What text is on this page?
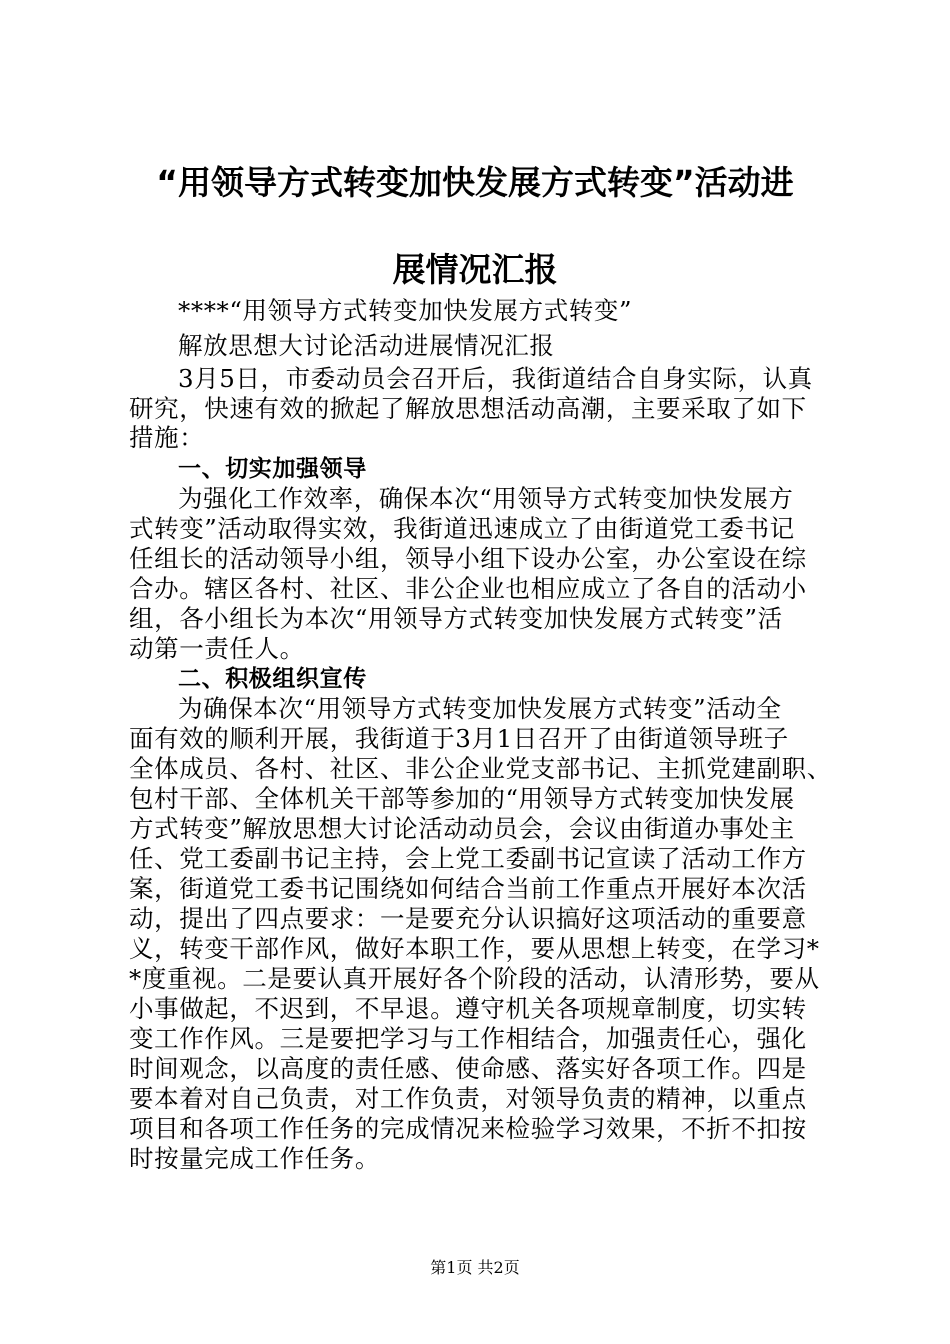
“用领导方式转变加快发展方式转变”活动进
展情况汇报
****“用领导方式转变加快发展方式转变”
解放思想大讨论活动进展情况汇报
3月5日，市委动员会召开后，我街道结合自身实际，认真
研究，快速有效的掀起了解放思想活动高潮，主要采取了如下
措施：
一、切实加强领导
为强化工作效率，确保本次“用领导方式转变加快发展方
式转变”活动取得实效，我街道迅速成立了由街道党工委书记
任组长的活动领导小组，领导小组下设办公室，办公室设在综
合办。辖区各村、社区、非公企业也相应成立了各自的活动小
组，各小组长为本次“用领导方式转变加快发展方式转变”活
动第一责任人。
二、积极组织宣传
为确保本次“用领导方式转变加快发展方式转变”活动全
面有效的顺利开展，我街道于3月1日召开了由街道领导班子
全体成员、各村、社区、非公企业党支部书记、主抓党建副职、
包村干部、全体机关干部等参加的“用领导方式转变加快发展
方式转变”解放思想大讨论活动动员会，会议由街道办事处主
任、党工委副书记主持，会上党工委副书记宣读了活动工作方
案，街道党工委书记围绕如何结合当前工作重点开展好本次活
动，提出了四点要求：一是要充分认识搞好这项活动的重要意
义，转变干部作风，做好本职工作，要从思想上转变，在学习*
*度重视。二是要认真开展好各个阶段的活动，认清形势，要从
小事做起，不迟到，不早退。遵守机关各项规章制度，切实转
变工作作风。三是要把学习与工作相结合，加强责任心，强化
时间观念，以高度的责任感、使命感、落实好各项工作。四是
要本着对自己负责，对工作负责，对领导负责的精神，以重点
项目和各项工作任务的完成情况来检验学习效果，不折不扣按
时按量完成工作任务。
第1页 共2页
